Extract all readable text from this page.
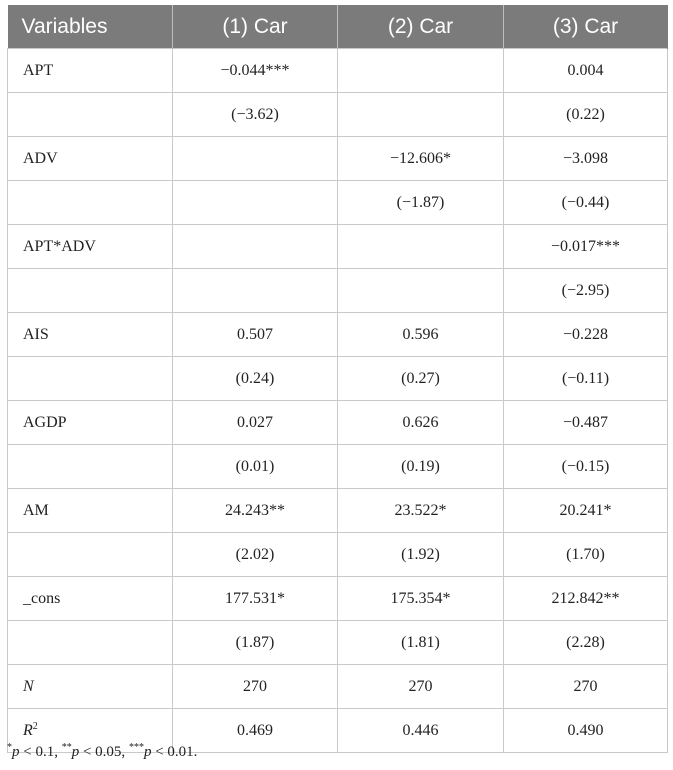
Variables	(1) Car	(2) Car	(3) Car
APT	−0.044***		0.004
	(−3.62)		(0.22)
ADV		−12.606*	−3.098
		(−1.87)	(−0.44)
APT*ADV			−0.017***
			(−2.95)
AIS	0.507	0.596	−0.228
	(0.24)	(0.27)	(−0.11)
AGDP	0.027	0.626	−0.487
	(0.01)	(0.19)	(−0.15)
AM	24.243**	23.522*	20.241*
	(2.02)	(1.92)	(1.70)
_cons	177.531*	175.354*	212.842**
	(1.87)	(1.81)	(2.28)
N	270	270	270
$R^2$	0.469	0.446	0.490
*p < 0.1, **p < 0.05, ***p < 0.01.
